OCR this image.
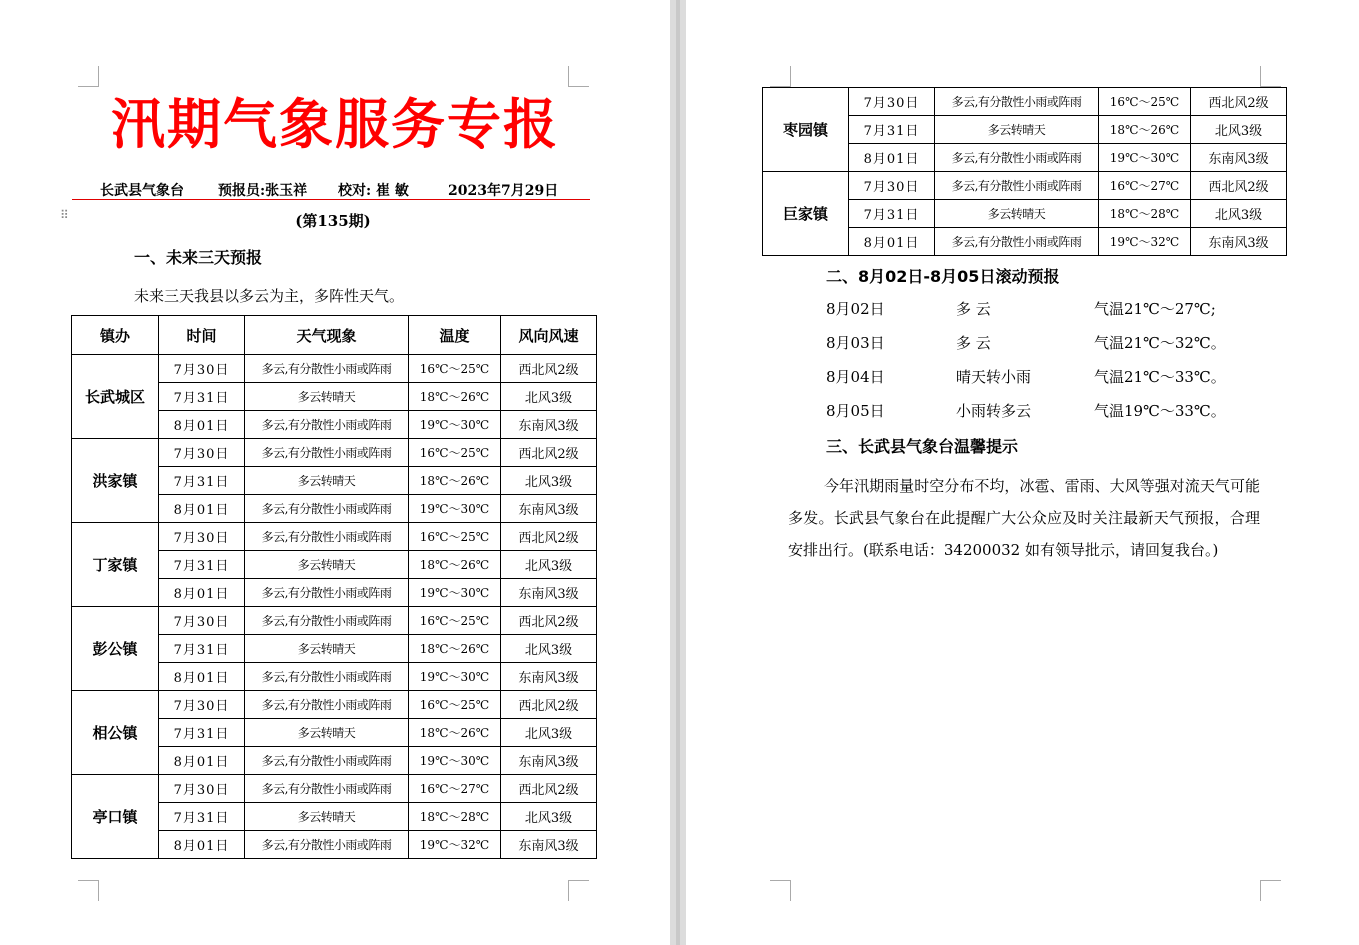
汛期气象服务专报
长武县气象台 预报员:张玉祥 校对: 崔 敏	2023年7月29日
⠿	(第135期)
一、未来三天预报
未来三天我县以多云为主，多阵性天气。
镇办	时间	天气现象	温度	风向风速
长武城区	7月30日	多云,有分散性小雨或阵雨	16℃～25℃	西北风2级
	7月31日	多云转晴天	18℃～26℃	北风3级
	8月01日	多云,有分散性小雨或阵雨	19℃～30℃	东南风3级
洪家镇	7月30日	多云,有分散性小雨或阵雨	16℃～25℃	西北风2级
	7月31日	多云转晴天	18℃～26℃	北风3级
	8月01日	多云,有分散性小雨或阵雨	19℃～30℃	东南风3级
丁家镇	7月30日	多云,有分散性小雨或阵雨	16℃～25℃	西北风2级
	7月31日	多云转晴天	18℃～26℃	北风3级
	8月01日	多云,有分散性小雨或阵雨	19℃～30℃	东南风3级
彭公镇	7月30日	多云,有分散性小雨或阵雨	16℃～25℃	西北风2级
	7月31日	多云转晴天	18℃～26℃	北风3级
	8月01日	多云,有分散性小雨或阵雨	19℃～30℃	东南风3级
相公镇	7月30日	多云,有分散性小雨或阵雨	16℃～25℃	西北风2级
	7月31日	多云转晴天	18℃～26℃	北风3级
	8月01日	多云,有分散性小雨或阵雨	19℃～30℃	东南风3级
亭口镇	7月30日	多云,有分散性小雨或阵雨	16℃～27℃	西北风2级
	7月31日	多云转晴天	18℃～28℃	北风3级
	8月01日	多云,有分散性小雨或阵雨	19℃～32℃	东南风3级
枣园镇	7月30日	多云,有分散性小雨或阵雨	16℃～25℃	西北风2级
	7月31日	多云转晴天	18℃～26℃	北风3级
	8月01日	多云,有分散性小雨或阵雨	19℃～30℃	东南风3级
巨家镇	7月30日	多云,有分散性小雨或阵雨	16℃～27℃	西北风2级
	7月31日	多云转晴天	18℃～28℃	北风3级
	8月01日	多云,有分散性小雨或阵雨	19℃～32℃	东南风3级
二、8月02日-8月05日滚动预报
8月02日	多 云	气温21℃～27℃;
8月03日	多 云	气温21℃～32℃。
8月04日	晴天转小雨	气温21℃～33℃。
8月05日	小雨转多云	气温19℃～33℃。
三、长武县气象台温馨提示
今年汛期雨量时空分布不均，冰雹、雷雨、大风等强对流天气可能多发。长武县气象台在此提醒广大公众应及时关注最新天气预报，合理安排出行。(联系电话：34200032 如有领导批示，请回复我台。)
